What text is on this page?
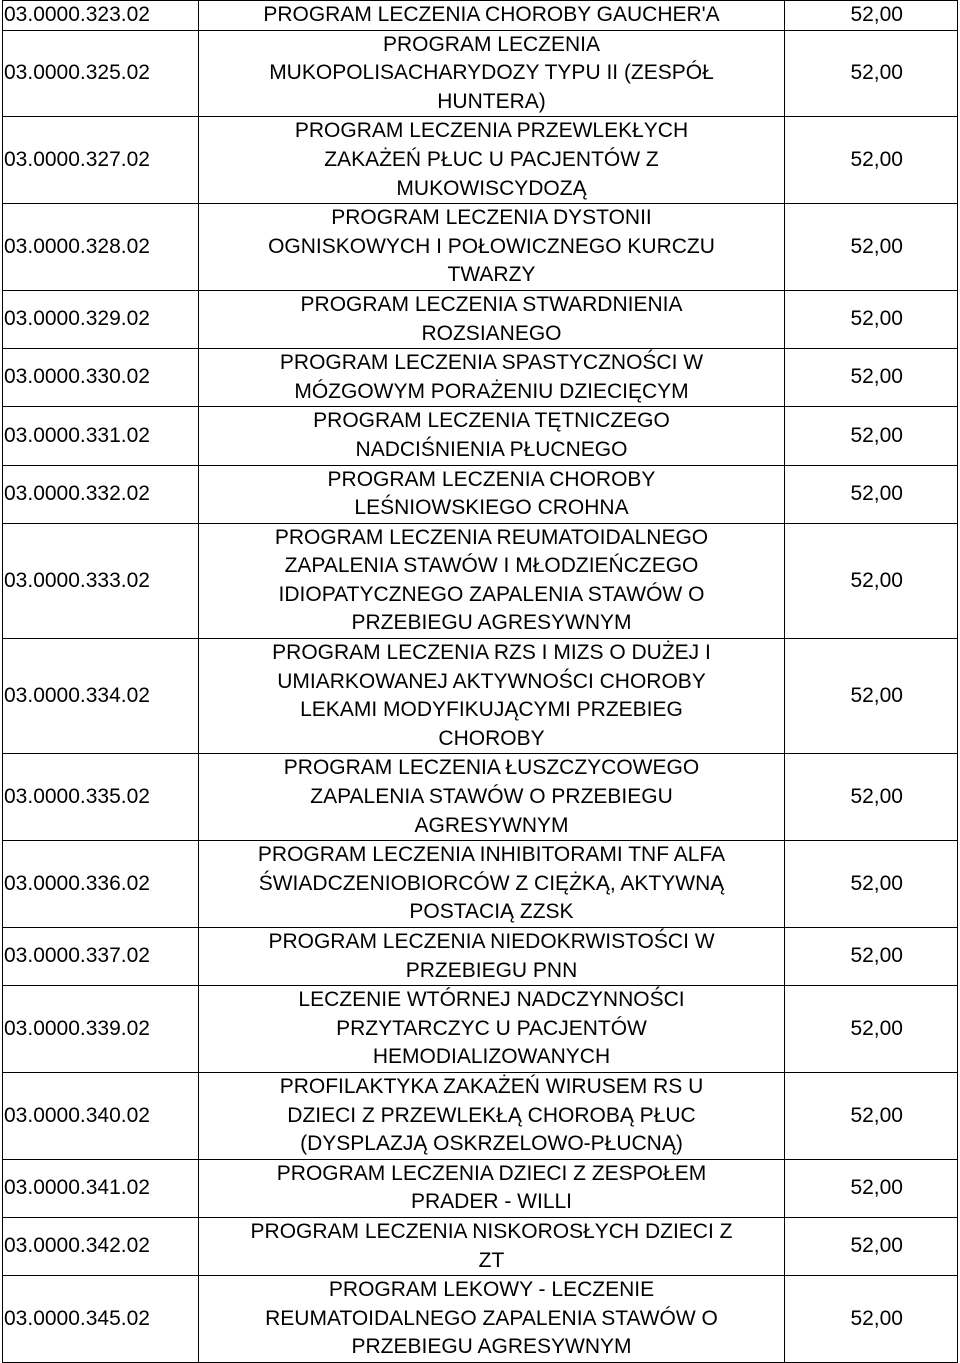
03.0000.323.02	PROGRAM LECZENIA CHOROBY GAUCHER'A	52,00
03.0000.325.02	PROGRAM LECZENIA
MUKOPOLISACHARYDOZY TYPU II (ZESPÓŁ
HUNTERA)	52,00
03.0000.327.02	PROGRAM LECZENIA PRZEWLEKŁYCH
ZAKAŻEŃ PŁUC U PACJENTÓW Z
MUKOWISCYDOZĄ	52,00
03.0000.328.02	PROGRAM LECZENIA DYSTONII
OGNISKOWYCH I POŁOWICZNEGO KURCZU
TWARZY	52,00
03.0000.329.02	PROGRAM LECZENIA STWARDNIENIA
ROZSIANEGO	52,00
03.0000.330.02	PROGRAM LECZENIA SPASTYCZNOŚCI W
MÓZGOWYM PORAŻENIU DZIECIĘCYM	52,00
03.0000.331.02	PROGRAM LECZENIA TĘTNICZEGO
NADCIŚNIENIA PŁUCNEGO	52,00
03.0000.332.02	PROGRAM LECZENIA CHOROBY
LEŚNIOWSKIEGO CROHNA	52,00
03.0000.333.02	PROGRAM LECZENIA REUMATOIDALNEGO
ZAPALENIA STAWÓW I MŁODZIEŃCZEGO
IDIOPATYCZNEGO ZAPALENIA STAWÓW O
PRZEBIEGU AGRESYWNYM	52,00
03.0000.334.02	PROGRAM LECZENIA RZS I MIZS O DUŻEJ I
UMIARKOWANEJ AKTYWNOŚCI CHOROBY
LEKAMI MODYFIKUJĄCYMI PRZEBIEG
CHOROBY	52,00
03.0000.335.02	PROGRAM LECZENIA ŁUSZCZYCOWEGO
ZAPALENIA STAWÓW O PRZEBIEGU
AGRESYWNYM	52,00
03.0000.336.02	PROGRAM LECZENIA INHIBITORAMI TNF ALFA
ŚWIADCZENIOBIORCÓW Z CIĘŻKĄ, AKTYWNĄ
POSTACIĄ ZZSK	52,00
03.0000.337.02	PROGRAM LECZENIA NIEDOKRWISTOŚCI W
PRZEBIEGU PNN	52,00
03.0000.339.02	LECZENIE WTÓRNEJ NADCZYNNOŚCI
PRZYTARCZYC U PACJENTÓW
HEMODIALIZOWANYCH	52,00
03.0000.340.02	PROFILAKTYKA ZAKAŻEŃ WIRUSEM RS U
DZIECI Z PRZEWLEKŁĄ CHOROBĄ PŁUC
(DYSPLAZJĄ OSKRZELOWO-PŁUCNĄ)	52,00
03.0000.341.02	PROGRAM LECZENIA DZIECI Z ZESPOŁEM
PRADER - WILLI	52,00
03.0000.342.02	PROGRAM LECZENIA NISKOROSŁYCH DZIECI Z
ZT	52,00
03.0000.345.02	PROGRAM LEKOWY - LECZENIE
REUMATOIDALNEGO ZAPALENIA STAWÓW O
PRZEBIEGU AGRESYWNYM	52,00
